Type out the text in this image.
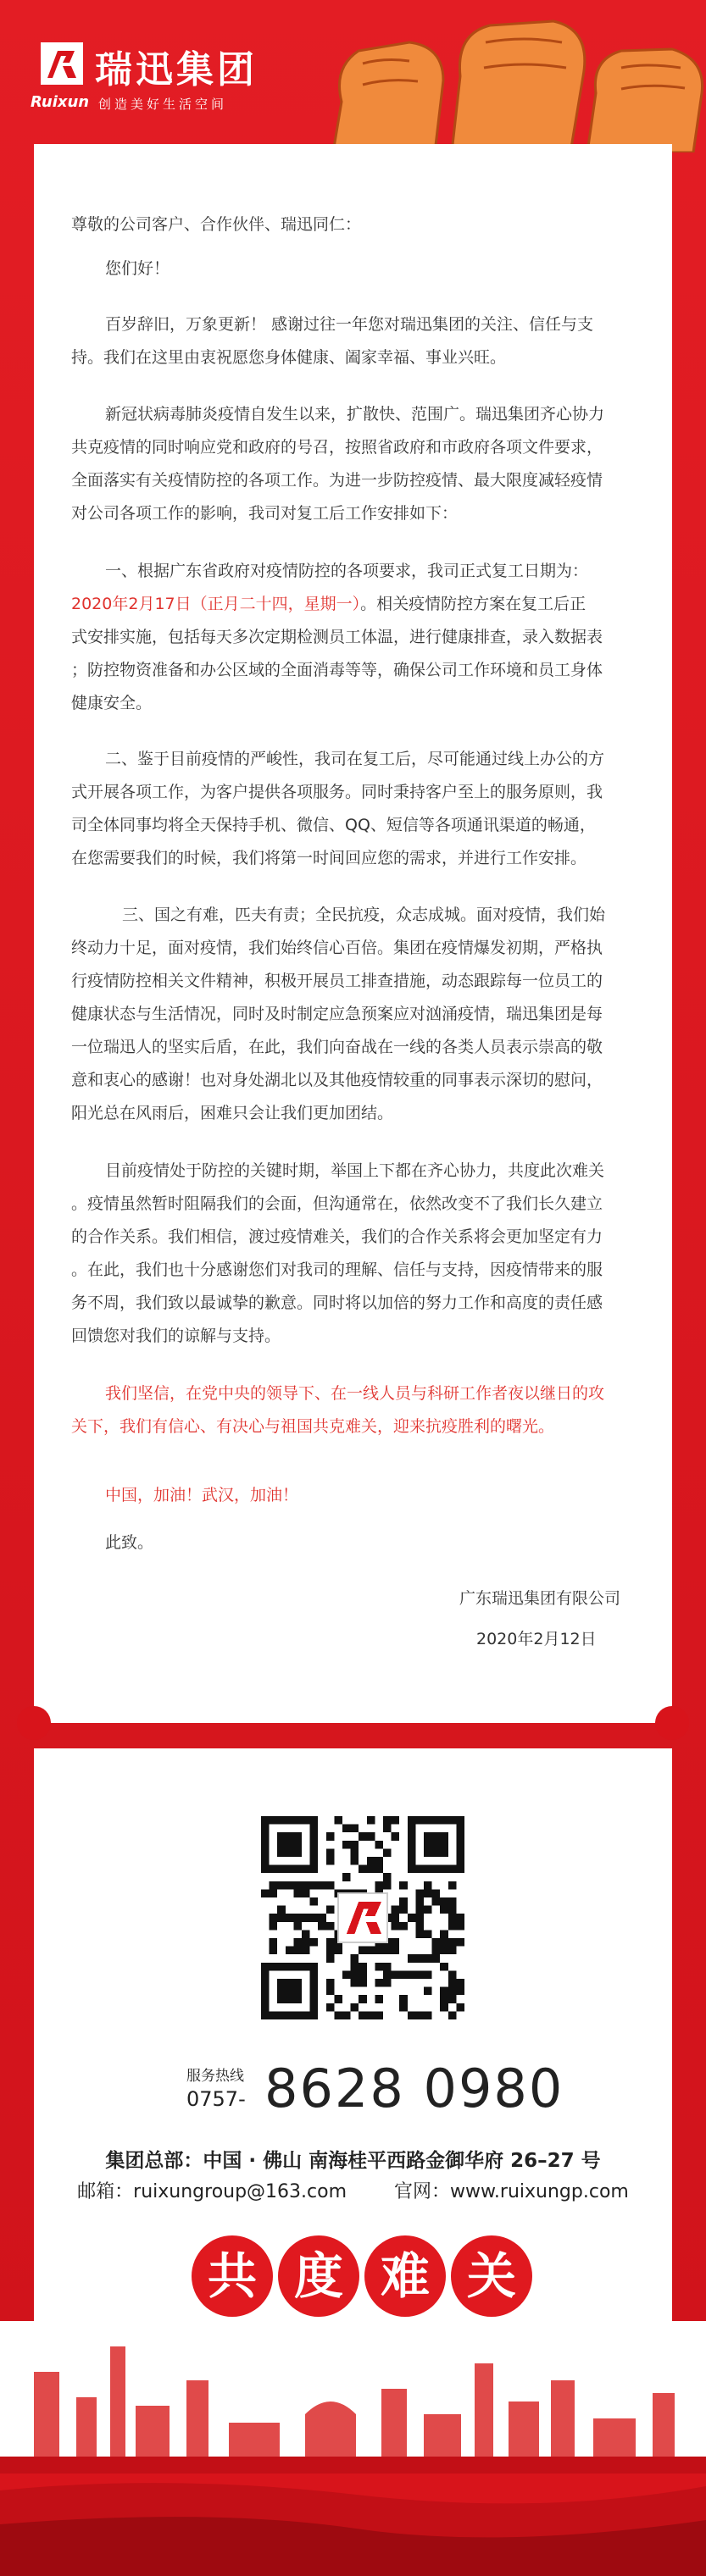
瑞迅集团
Ruixun 创造美好生活空间
尊敬的公司客户、合作伙伴、瑞迅同仁：
您们好！
百岁辞旧，万象更新！ 感谢过往一年您对瑞迅集团的关注、信任与支
持。我们在这里由衷祝愿您身体健康、阖家幸福、事业兴旺。
新冠状病毒肺炎疫情自发生以来，扩散快、范围广。瑞迅集团齐心协力
共克疫情的同时响应党和政府的号召，按照省政府和市政府各项文件要求，
全面落实有关疫情防控的各项工作。为进一步防控疫情、最大限度减轻疫情
对公司各项工作的影响，我司对复工后工作安排如下：
一、根据广东省政府对疫情防控的各项要求，我司正式复工日期为：
2020年2月17日（正月二十四，星期一）。相关疫情防控方案在复工后正
式安排实施，包括每天多次定期检测员工体温，进行健康排查，录入数据表
；防控物资准备和办公区域的全面消毒等等，确保公司工作环境和员工身体
健康安全。
二、鉴于目前疫情的严峻性，我司在复工后，尽可能通过线上办公的方
式开展各项工作，为客户提供各项服务。同时秉持客户至上的服务原则，我
司全体同事均将全天保持手机、微信、QQ、短信等各项通讯渠道的畅通，
在您需要我们的时候，我们将第一时间回应您的需求，并进行工作安排。
三、国之有难，匹夫有责；全民抗疫，众志成城。面对疫情，我们始
终动力十足，面对疫情，我们始终信心百倍。集团在疫情爆发初期，严格执
行疫情防控相关文件精神，积极开展员工排查措施，动态跟踪每一位员工的
健康状态与生活情况，同时及时制定应急预案应对汹涌疫情，瑞迅集团是每
一位瑞迅人的坚实后盾，在此，我们向奋战在一线的各类人员表示崇高的敬
意和衷心的感谢！也对身处湖北以及其他疫情较重的同事表示深切的慰问，
阳光总在风雨后，困难只会让我们更加团结。
目前疫情处于防控的关键时期，举国上下都在齐心协力，共度此次难关
。疫情虽然暂时阻隔我们的会面，但沟通常在，依然改变不了我们长久建立
的合作关系。我们相信，渡过疫情难关，我们的合作关系将会更加坚定有力
。在此，我们也十分感谢您们对我司的理解、信任与支持，因疫情带来的服
务不周，我们致以最诚挚的歉意。同时将以加倍的努力工作和高度的责任感
回馈您对我们的谅解与支持。
我们坚信，在党中央的领导下、在一线人员与科研工作者夜以继日的攻
关下，我们有信心、有决心与祖国共克难关，迎来抗疫胜利的曙光。
中国，加油！武汉，加油！
此致。
广东瑞迅集团有限公司
2020年2月12日
服务热线
0757- 8628 0980
集团总部：中国 · 佛山 南海桂平西路金御华府 26–27 号
邮箱：ruixungroup@163.com        官网：www.ruixungp.com
共 度 难 关
